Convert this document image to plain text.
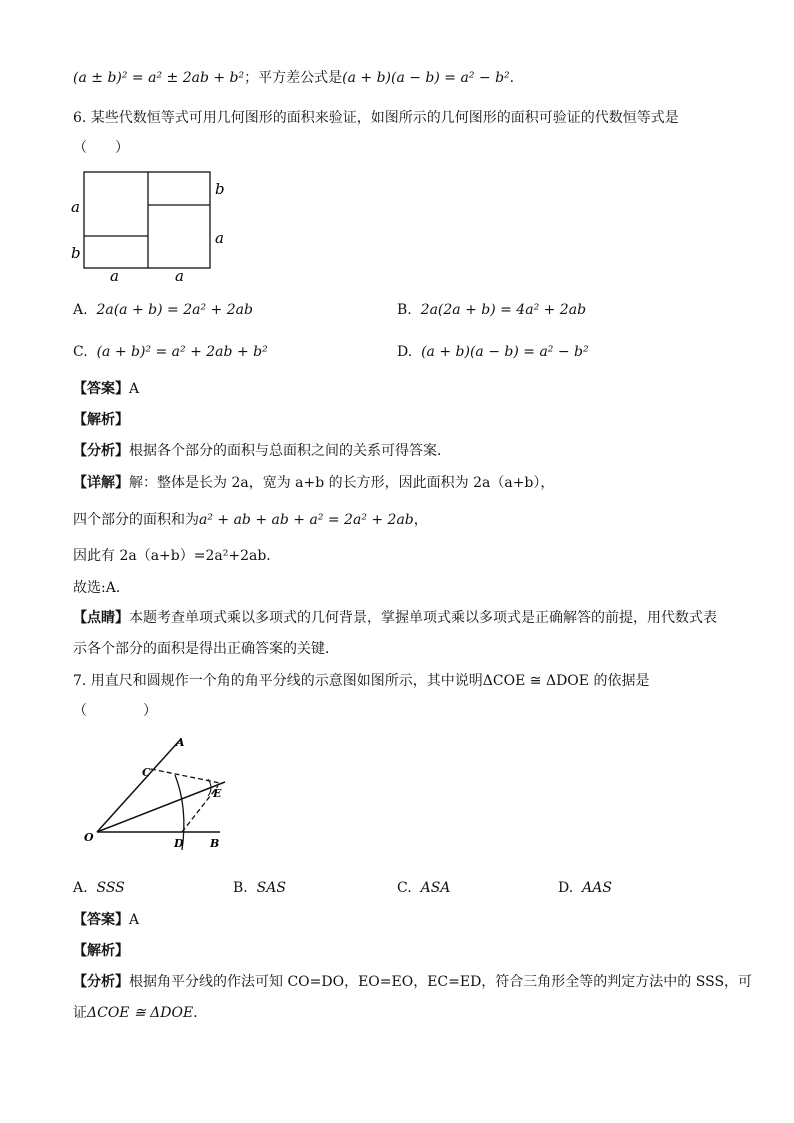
(a ± b)² = a² ± 2ab + b²；平方差公式是(a + b)(a − b) = a² − b².
6. 某些代数恒等式可用几何图形的面积来验证，如图所示的几何图形的面积可验证的代数恒等式是
（　　）
a
b
b
a
a	a
A. 2a(a + b) = 2a² + 2ab	B. 2a(2a + b) = 4a² + 2ab
C. (a + b)² = a² + 2ab + b²	D. (a + b)(a − b) = a² − b²
【答案】A
【解析】
【分析】根据各个部分的面积与总面积之间的关系可得答案．
【详解】解：整体是长为 2a，宽为 a+b 的长方形，因此面积为 2a（a+b），
四个部分的面积和为a² + ab + ab + a² = 2a² + 2ab，
因此有 2a（a+b）=2a²+2ab．
故选:A．
【点睛】本题考查单项式乘以多项式的几何背景，掌握单项式乘以多项式是正确解答的前提，用代数式表
示各个部分的面积是得出正确答案的关键．
7. 用直尺和圆规作一个角的角平分线的示意图如图所示，其中说明ΔCOE ≅ ΔDOE 的依据是
（　　　　）
A
C
E
O	D B
A. SSS	B. SAS	C. ASA	D. AAS
【答案】A
【解析】
【分析】根据角平分线的作法可知 CO=DO，EO=EO，EC=ED，符合三角形全等的判定方法中的 SSS，可
证ΔCOE ≅ ΔDOE．
